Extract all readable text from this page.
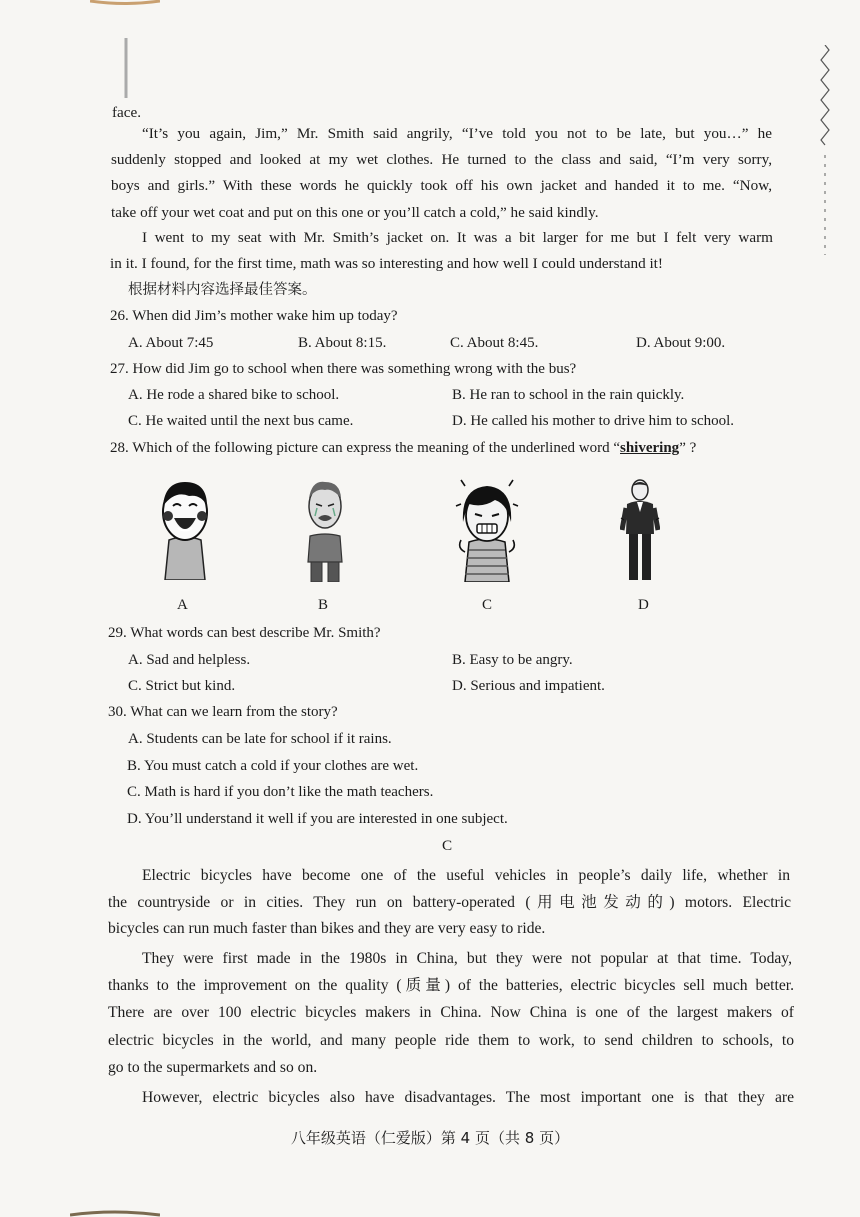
face.
“It’s you again, Jim,” Mr. Smith said angrily, “I’ve told you not to be late, but you…” he
suddenly stopped and looked at my wet clothes. He turned to the class and said, “I’m very sorry,
boys and girls.” With these words he quickly took off his own jacket and handed it to me. “Now,
take off your wet coat and put on this one or you’ll catch a cold,” he said kindly.
I went to my seat with Mr. Smith’s jacket on. It was a bit larger for me but I felt very warm
in it. I found, for the first time, math was so interesting and how well I could understand it!
根据材料内容选择最佳答案。
26. When did Jim’s mother wake him up today?
A. About 7:45	B. About 8:15.	C. About 8:45.	D. About 9:00.
27. How did Jim go to school when there was something wrong with the bus?
A. He rode a shared bike to school.	B. He ran to school in the rain quickly.
C. He waited until the next bus came.	D. He called his mother to drive him to school.
28. Which of the following picture can express the meaning of the underlined word “shivering” ?
A	B	C	D
29. What words can best describe Mr. Smith?
A. Sad and helpless.	B. Easy to be angry.
C. Strict but kind.	D. Serious and impatient.
30. What can we learn from the story?
A. Students can be late for school if it rains.
B. You must catch a cold if your clothes are wet.
C. Math is hard if you don’t like the math teachers.
D. You’ll understand it well if you are interested in one subject.
C
Electric bicycles have become one of the useful vehicles in people’s daily life, whether in
the countryside or in cities. They run on battery-operated (用电池发动的) motors. Electric
bicycles can run much faster than bikes and they are very easy to ride.
They were first made in the 1980s in China, but they were not popular at that time. Today,
thanks to the improvement on the quality (质量) of the batteries, electric bicycles sell much better.
There are over 100 electric bicycles makers in China. Now China is one of the largest makers of
electric bicycles in the world, and many people ride them to work, to send children to schools, to
go to the supermarkets and so on.
However, electric bicycles also have disadvantages. The most important one is that they are
八年级英语（仁爱版）第 4 页（共 8 页）
